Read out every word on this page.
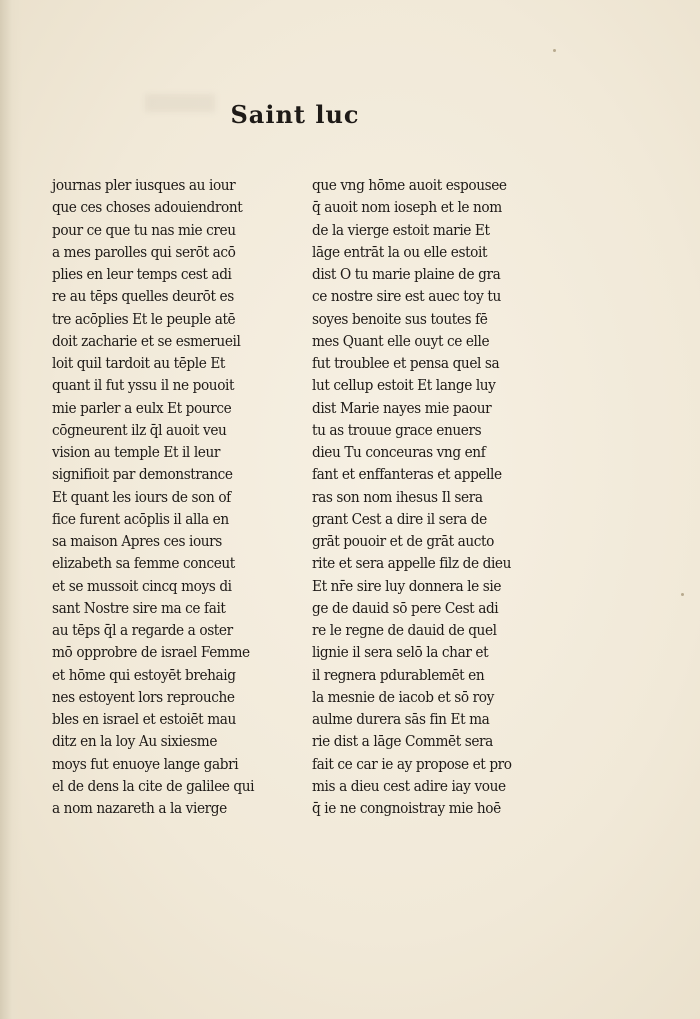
Saint luc
journas pler iusques au iour
que ces choses adouiendront
pour ce que tu nas mie creu
a mes parolles qui serōt acō
plies en leur temps cest adi
re au tēps quelles deurōt es
tre acōplies Et le peuple atē
doit zacharie et se esmerueil
loit quil tardoit au tēple Et
quant il fut yssu il ne pouoit
mie parler a eulx Et pource
cōgneurent ilz q̄l auoit veu
vision au temple Et il leur
signifioit par demonstrance
Et quant les iours de son of
fice furent acōplis il alla en
sa maison Apres ces iours
elizabeth sa femme conceut
et se mussoit cincq moys di
sant Nostre sire ma ce fait
au tēps q̄l a regarde a oster
mō opprobre de israel Femme
et hōme qui estoyēt brehaig
nes estoyent lors reprouche
bles en israel et estoiēt mau
ditz en la loy Au sixiesme
moys fut enuoye lange gabri
el de dens la cite de galilee qui
a nom nazareth a la vierge
que vng hōme auoit espousee
q̄ auoit nom ioseph et le nom
de la vierge estoit marie Et
lāge entrāt la ou elle estoit
dist O tu marie plaine de gra
ce nostre sire est auec toy tu
soyes benoite sus toutes fē
mes Quant elle ouyt ce elle
fut troublee et pensa quel sa
lut cellup estoit Et lange luy
dist Marie nayes mie paour
tu as trouue grace enuers
dieu Tu conceuras vng enf
fant et enffanteras et appelle
ras son nom ihesus Il sera
grant Cest a dire il sera de
grāt pouoir et de grāt aucto
rite et sera appelle filz de dieu
Et nr̄e sire luy donnera le sie
ge de dauid sō pere Cest adi
re le regne de dauid de quel
lignie il sera selō la char et
il regnera pdurablemēt en
la mesnie de iacob et sō roy
aulme durera sās fin Et ma
rie dist a lāge Commēt sera
fait ce car ie ay propose et pro
mis a dieu cest adire iay voue
q̄ ie ne congnoistray mie hoē
